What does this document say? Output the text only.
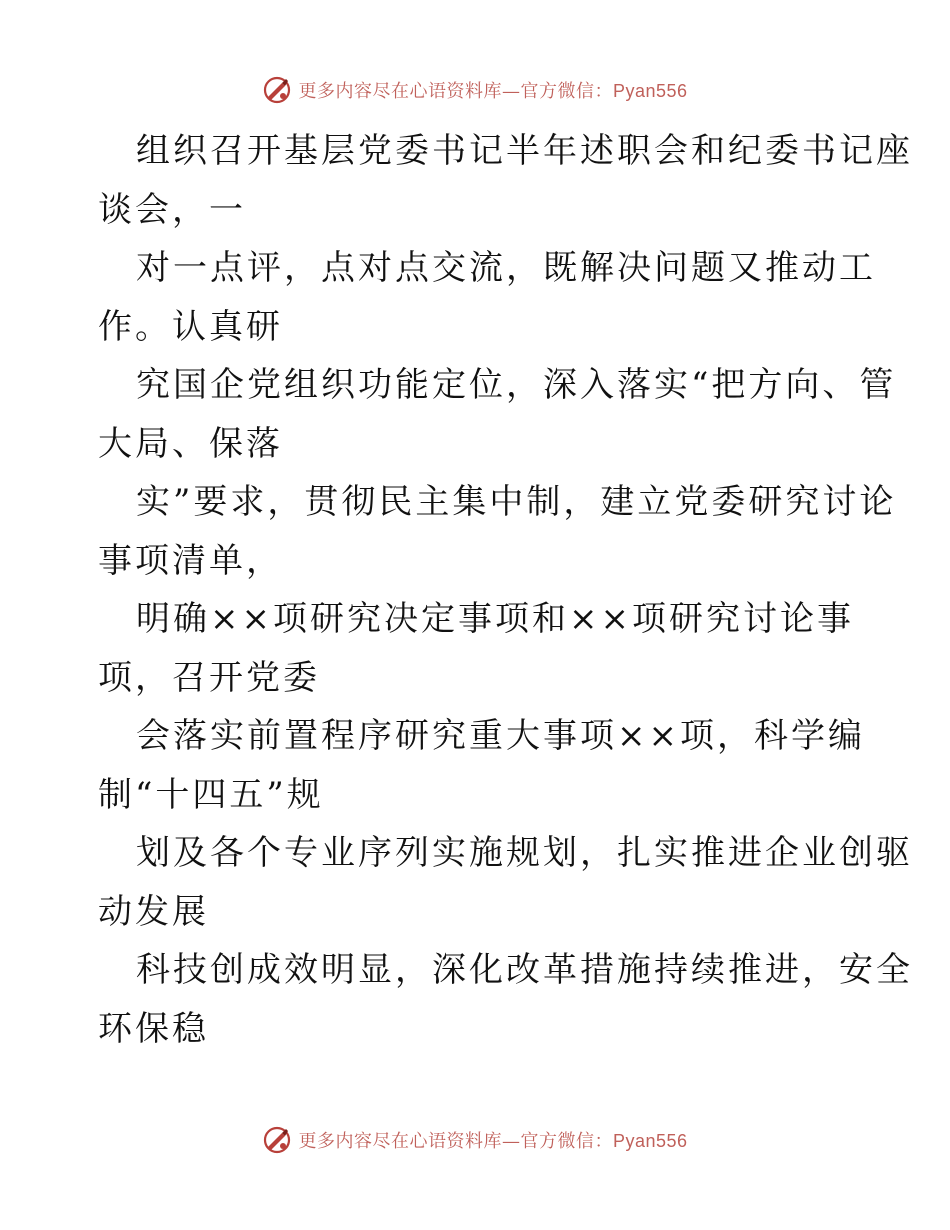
更多内容尽在心语资料库—官方微信：Pyan556
组织召开基层党委书记半年述职会和纪委书记座
谈会，一
对一点评，点对点交流，既解决问题又推动工
作。认真研
究国企党组织功能定位，深入落实“把方向、管
大局、保落
实”要求，贯彻民主集中制，建立党委研究讨论
事项清单，
明确××项研究决定事项和××项研究讨论事
项，召开党委
会落实前置程序研究重大事项××项，科学编
制“十四五”规
划及各个专业序列实施规划，扎实推进企业创驱
动发展
科技创成效明显，深化改革措施持续推进，安全
环保稳
更多内容尽在心语资料库—官方微信：Pyan556
